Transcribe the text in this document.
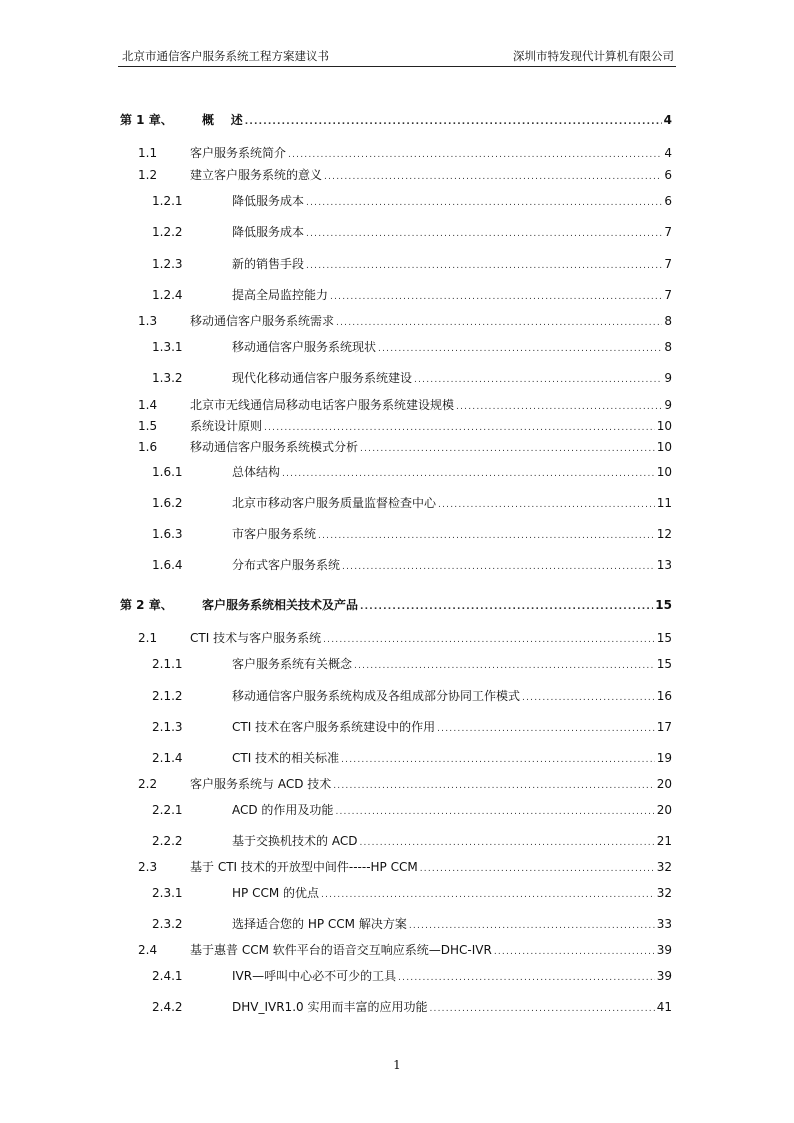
北京市通信客户服务系统工程方案建议书	深圳市特发现代计算机有限公司
第 1 章、 概    述 .....	4
1.1	客户服务系统简介 .....	4
1.2	建立客户服务系统的意义 .....	6
1.2.1	降低服务成本 .....	6
1.2.2	降低服务成本 .....	7
1.2.3	新的销售手段 .....	7
1.2.4	提高全局监控能力 .....	7
1.3	移动通信客户服务系统需求 .....	8
1.3.1	移动通信客户服务系统现状 .....	8
1.3.2	现代化移动通信客户服务系统建设 .....	9
1.4	北京市无线通信局移动电话客户服务系统建设规模 .....	9
1.5	系统设计原则 .....	10
1.6	移动通信客户服务系统模式分析 .....	10
1.6.1	总体结构 .....	10
1.6.2	北京市移动客户服务质量监督检查中心 .....	11
1.6.3	市客户服务系统 .....	12
1.6.4	分布式客户服务系统 .....	13
第 2 章、 客户服务系统相关技术及产品 .....	15
2.1	CTI 技术与客户服务系统 .....	15
2.1.1	客户服务系统有关概念 .....	15
2.1.2	移动通信客户服务系统构成及各组成部分协同工作模式 .....	16
2.1.3	CTI 技术在客户服务系统建设中的作用 .....	17
2.1.4	CTI 技术的相关标准 .....	19
2.2	客户服务系统与 ACD 技术 .....	20
2.2.1	ACD 的作用及功能 .....	20
2.2.2	基于交换机技术的 ACD .....	21
2.3	基于 CTI 技术的开放型中间件-----HP CCM .....	32
2.3.1	HP CCM 的优点 .....	32
2.3.2	选择适合您的 HP CCM 解决方案 .....	33
2.4	基于惠普 CCM 软件平台的语音交互响应系统—DHC-IVR .....	39
2.4.1	IVR—呼叫中心必不可少的工具 .....	39
2.4.2	DHV_IVR1.0 实用而丰富的应用功能 .....	41
1
